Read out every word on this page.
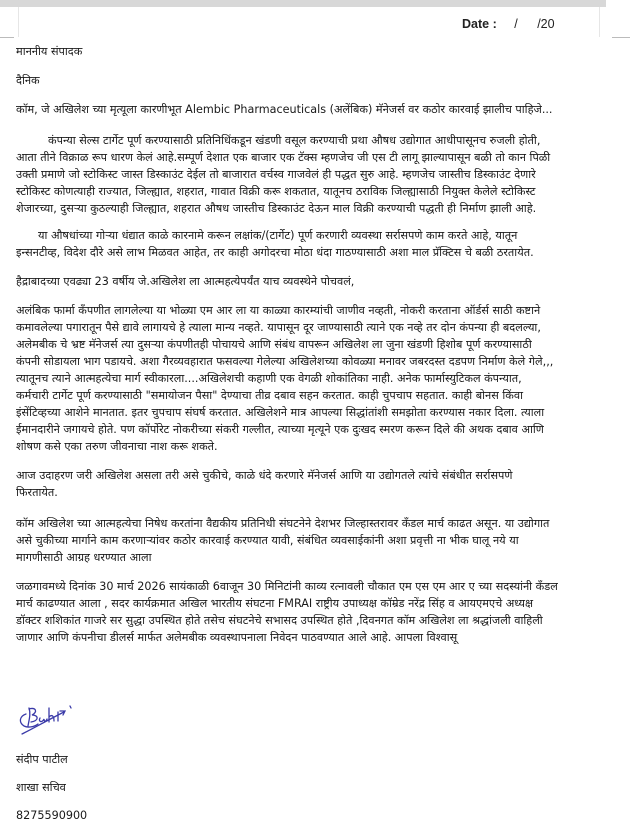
Date : / /20

माननीय संपादक

दैनिक

कॉम, जे अखिलेश च्या मृत्यूला कारणीभूत Alembic Pharmaceuticals (अलेंबिक) मॅनेजर्स वर कठोर कारवाई झालीच पाहिजे...

कंपन्या सेल्स टार्गेट पूर्ण करण्यासाठी प्रतिनिधिंकडून खंडणी वसूल करण्याची प्रथा औषध उद्योगात आधीपासूनच रुजली होती,
आता तीने विक्राळ रूप धारण केलं आहे.सम्पूर्ण देशात एक बाजार एक टॅक्स म्हणजेच जी एस टी लागू झाल्यापासून बळी तो कान पिळी
उक्ती प्रमाणे जो स्टोकिस्ट जास्त डिस्काउंट देईल तो बाजारात वर्चस्व गाजवेलं ही पद्धत सुरु आहे. म्हणजेच जास्तीच डिस्काउंट देणारे
स्टोकिस्ट कोणत्याही राज्यात, जिल्ह्यात, शहरात, गावात विक्री करू शकतात, यातूनच ठराविक जिल्ह्यासाठी नियुक्त केलेले स्टोकिस्ट
शेजारच्या, दुसऱ्या कुठल्याही जिल्ह्यात, शहरात औषध जास्तीच डिस्काउंट देऊन माल विक्री करण्याची पद्धती ही निर्माण झाली आहे.
या औषधांच्या गोऱ्या धंद्यात काळे कारनामे करून लक्षांक/(टार्गेट) पूर्ण करणारी व्यवस्था सर्रासपणे काम करते आहे, यातून
इन्सनटीव्ह, विदेश दौरे असे लाभ मिळवत आहेत, तर काही अगोदरचा मोठा धंदा गाठण्यासाठी अशा माल प्रॅक्टिस चे बळी ठरतायेत.
हैद्राबादच्या एवढ्या 23 वर्षीय जे.अखिलेश ला आत्महत्येपर्यंत याच व्यवस्थेने पोचवलं,
अलंबिक फार्मा कँपणीत लागलेल्या या भोळ्या एम आर ला या काळ्या कारम्यांची जाणीव नव्हती, नोकरी करताना ऑर्डर्स साठी कष्टाने
कमावलेल्या पगारातून पैसे द्यावे लागायचे हे त्याला मान्य नव्हते. यापासून दूर जाण्यासाठी त्याने एक नव्हे तर दोन कंपन्या ही बदलल्या,
अलेमबीक चे भ्रष्ट मॅनेजर्स त्या दुसऱ्या कंपणीतही पोचायचे आणि संबंध वापरून अखिलेश ला जुना खंडणी हिशोब पूर्ण करण्यासाठी
कंपनी सोडायला भाग पडायचे. अशा गैरव्यवहारात फसवल्या गेलेल्या अखिलेशच्या कोवळ्या मनावर जबरदस्त दडपण निर्माण केले गेले,,,
त्यातूनच त्याने आत्महत्येचा मार्ग स्वीकारला....अखिलेशची कहाणी एक वेगळी शोकांतिका नाही. अनेक फार्मास्युटिकल कंपन्यात,
कर्मचारी टार्गेट पूर्ण करण्यासाठी "समायोजन पैसा" देण्याचा तीव्र दबाव सहन करतात. काही चुपचाप सहतात. काही बोनस किंवा
इंसेंटिव्हच्या आशेने मानतात. इतर चुपचाप संघर्ष करतात. अखिलेशने मात्र आपल्या सिद्धांतांशी समझोता करण्यास नकार दिला. त्याला
ईमानदारीने जगायचे होते. पण कॉर्पोरेट नोकरीच्या संकरी गल्लीत, त्याच्या मृत्यूने एक दुःखद स्मरण करून दिले की अथक दबाव आणि
शोषण कसे एका तरुण जीवनाचा नाश करू शकते.
आज उदाहरण जरी अखिलेश असला तरी असे चुकीचे, काळे धंदे करणारे मॅनेजर्स आणि या उद्योगतले त्यांचे संबंधीत सर्रासपणे
फिरतायेत.
कॉम अखिलेश च्या आत्महत्येचा निषेध करतांना वैद्यकीय प्रतिनिधी संघटनेने देशभर जिल्हास्तरावर कॅंडल मार्च काढत असून. या उद्योगात
असे चुकीच्या मार्गाने काम करणाऱ्यांवर कठोर कारवाई करण्यात यावी, संबंधित व्यवसाईकांनी अशा प्रवृत्ती ना भीक घालू नये या
मागणीसाठी आग्रह धरण्यात आला
जळगावमध्ये दिनांक 30 मार्च 2026 सायंकाळी 6वाजून 30 मिनिटांनी काव्य रत्नावली चौकात एम एस एम आर ए च्या सदस्यांनी कॅंडल
मार्च काढण्यात आला , सदर कार्यक्रमात अखिल भारतीय संघटना FMRAI राष्ट्रीय उपाध्यक्ष कॉम्रेड नरेंद्र सिंह व आयएमएचे अध्यक्ष
डॉक्टर शशिकांत गाजरे सर सुद्धा उपस्थित होते तसेच संघटनेचे सभासद उपस्थित होते ,दिवनगत कॉम अखिलेश ला श्रद्धांजली वाहिली
जाणार आणि कंपनीचा डीलर्स मार्फत अलेमबीक व्यवस्थापनाला निवेदन पाठवण्यात आले आहे. आपला विश्वासू
संदीप पाटील
शाखा सचिव
8275590900
